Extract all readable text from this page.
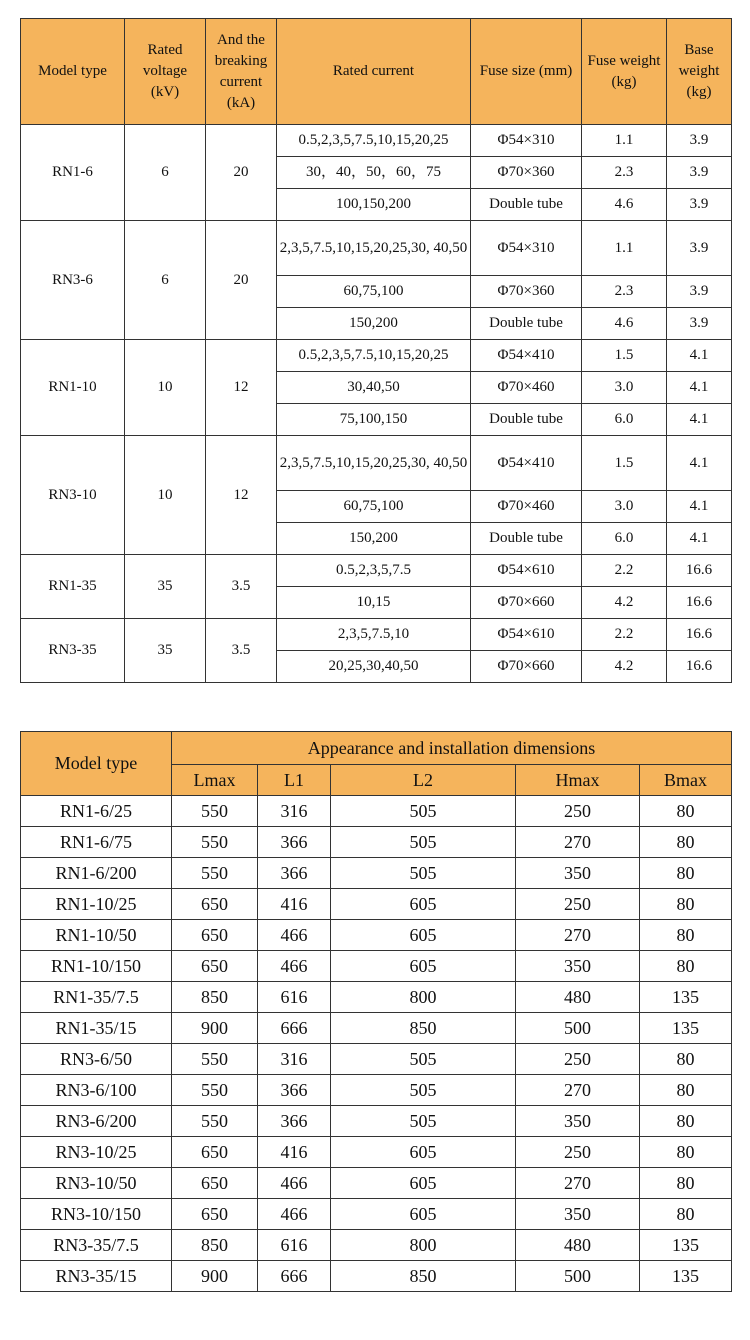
Model type	Rated voltage (kV)	And the breaking current (kA)	Rated current	Fuse size (mm)	Fuse weight (kg)	Base weight (kg)
RN1-6	6	20	0.5,2,3,5,7.5,10,15,20,25	Φ54×310	1.1	3.9
			30，40，50，60，75	Φ70×360	2.3	3.9
			100,150,200	Double tube	4.6	3.9
RN3-6	6	20	2,3,5,7.5,10,15,20,25,30, 40,50	Φ54×310	1.1	3.9
			60,75,100	Φ70×360	2.3	3.9
			150,200	Double tube	4.6	3.9
RN1-10	10	12	0.5,2,3,5,7.5,10,15,20,25	Φ54×410	1.5	4.1
			30,40,50	Φ70×460	3.0	4.1
			75,100,150	Double tube	6.0	4.1
RN3-10	10	12	2,3,5,7.5,10,15,20,25,30, 40,50	Φ54×410	1.5	4.1
			60,75,100	Φ70×460	3.0	4.1
			150,200	Double tube	6.0	4.1
RN1-35	35	3.5	0.5,2,3,5,7.5	Φ54×610	2.2	16.6
			10,15	Φ70×660	4.2	16.6
RN3-35	35	3.5	2,3,5,7.5,10	Φ54×610	2.2	16.6
			20,25,30,40,50	Φ70×660	4.2	16.6
Model type	Appearance and installation dimensions				
	Lmax	L1	L2	Hmax	Bmax
RN1-6/25	550	316	505	250	80
RN1-6/75	550	366	505	270	80
RN1-6/200	550	366	505	350	80
RN1-10/25	650	416	605	250	80
RN1-10/50	650	466	605	270	80
RN1-10/150	650	466	605	350	80
RN1-35/7.5	850	616	800	480	135
RN1-35/15	900	666	850	500	135
RN3-6/50	550	316	505	250	80
RN3-6/100	550	366	505	270	80
RN3-6/200	550	366	505	350	80
RN3-10/25	650	416	605	250	80
RN3-10/50	650	466	605	270	80
RN3-10/150	650	466	605	350	80
RN3-35/7.5	850	616	800	480	135
RN3-35/15	900	666	850	500	135
